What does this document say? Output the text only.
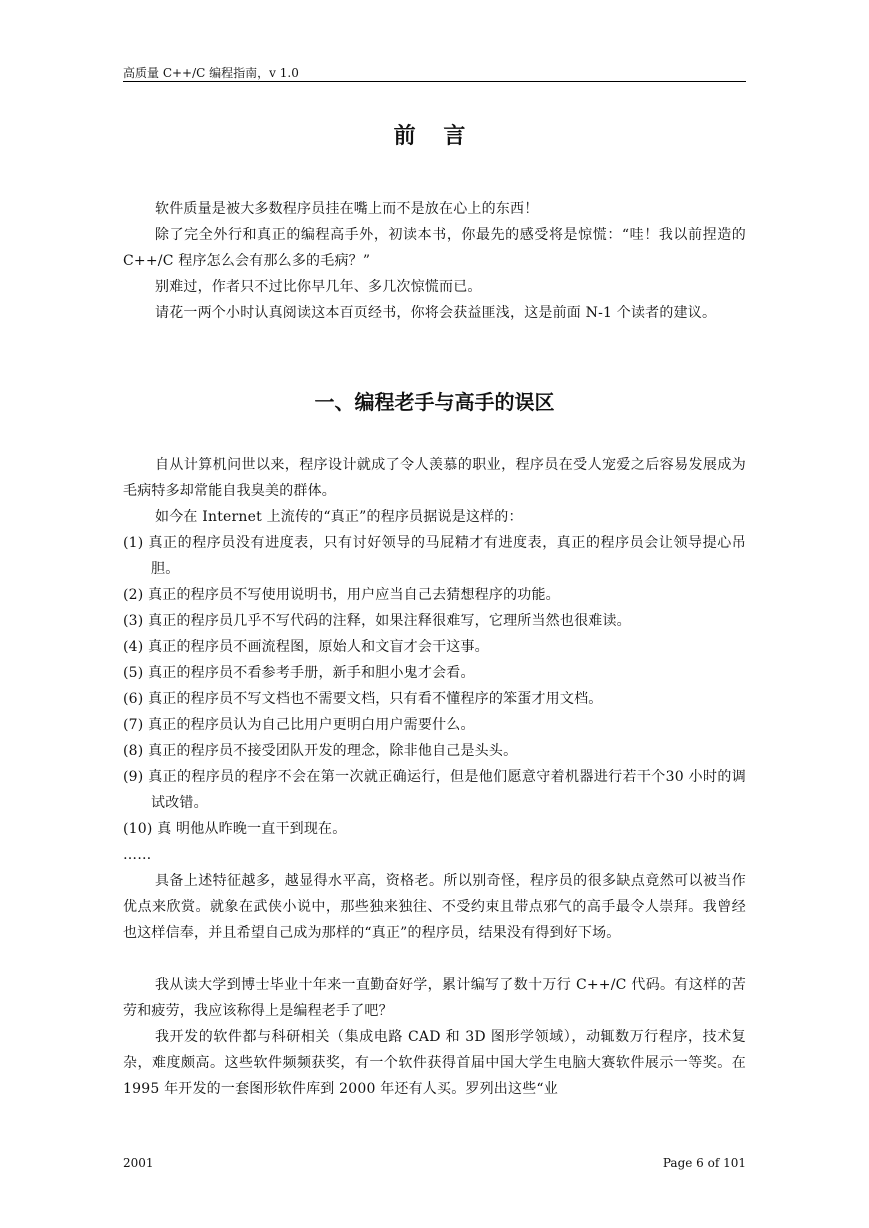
高质量 C++/C 编程指南，v 1.0
前 言

软件质量是被大多数程序员挂在嘴上而不是放在心上的东西！

除了完全外行和真正的编程高手外，初读本书，你最先的感受将是惊慌：“哇！我以前捏造的 C++/C 程序怎么会有那么多的毛病？”

别难过，作者只不过比你早几年、多几次惊慌而已。

请花一两个小时认真阅读这本百页经书，你将会获益匪浅，这是前面 N-1 个读者的建议。

一、编程老手与高手的误区

自从计算机问世以来，程序设计就成了令人羡慕的职业，程序员在受人宠爱之后容易发展成为毛病特多却常能自我臭美的群体。

如今在 Internet 上流传的“真正”的程序员据说是这样的：

(1) 真正的程序员没有进度表，只有讨好领导的马屁精才有进度表，真正的程序员会让领导提心吊胆。

(2) 真正的程序员不写使用说明书，用户应当自己去猜想程序的功能。

(3) 真正的程序员几乎不写代码的注释，如果注释很难写，它理所当然也很难读。

(4) 真正的程序员不画流程图，原始人和文盲才会干这事。

(5) 真正的程序员不看参考手册，新手和胆小鬼才会看。

(6) 真正的程序员不写文档也不需要文档，只有看不懂程序的笨蛋才用文档。

(7) 真正的程序员认为自己比用户更明白用户需要什么。

(8) 真正的程序员不接受团队开发的理念，除非他自己是头头。

(9) 真正的程序员的程序不会在第一次就正确运行，但是他们愿意守着机器进行若干个30 小时的调试改错。

(10) 真 明他从昨晚一直干到现在。

……

具备上述特征越多，越显得水平高，资格老。所以别奇怪，程序员的很多缺点竟然可以被当作优点来欣赏。就象在武侠小说中，那些独来独往、不受约束且带点邪气的高手最令人崇拜。我曾经也这样信奉，并且希望自己成为那样的“真正”的程序员，结果没有得到好下场。

我从读大学到博士毕业十年来一直勤奋好学，累计编写了数十万行 C++/C 代码。有这样的苦劳和疲劳，我应该称得上是编程老手了吧？

我开发的软件都与科研相关（集成电路 CAD 和 3D 图形学领域），动辄数万行程序，技术复杂，难度颇高。这些软件频频获奖，有一个软件获得首届中国大学生电脑大赛软件展示一等奖。在 1995 年开发的一套图形软件库到 2000 年还有人买。罗列出这些“业

2001	Page 6 of 101
